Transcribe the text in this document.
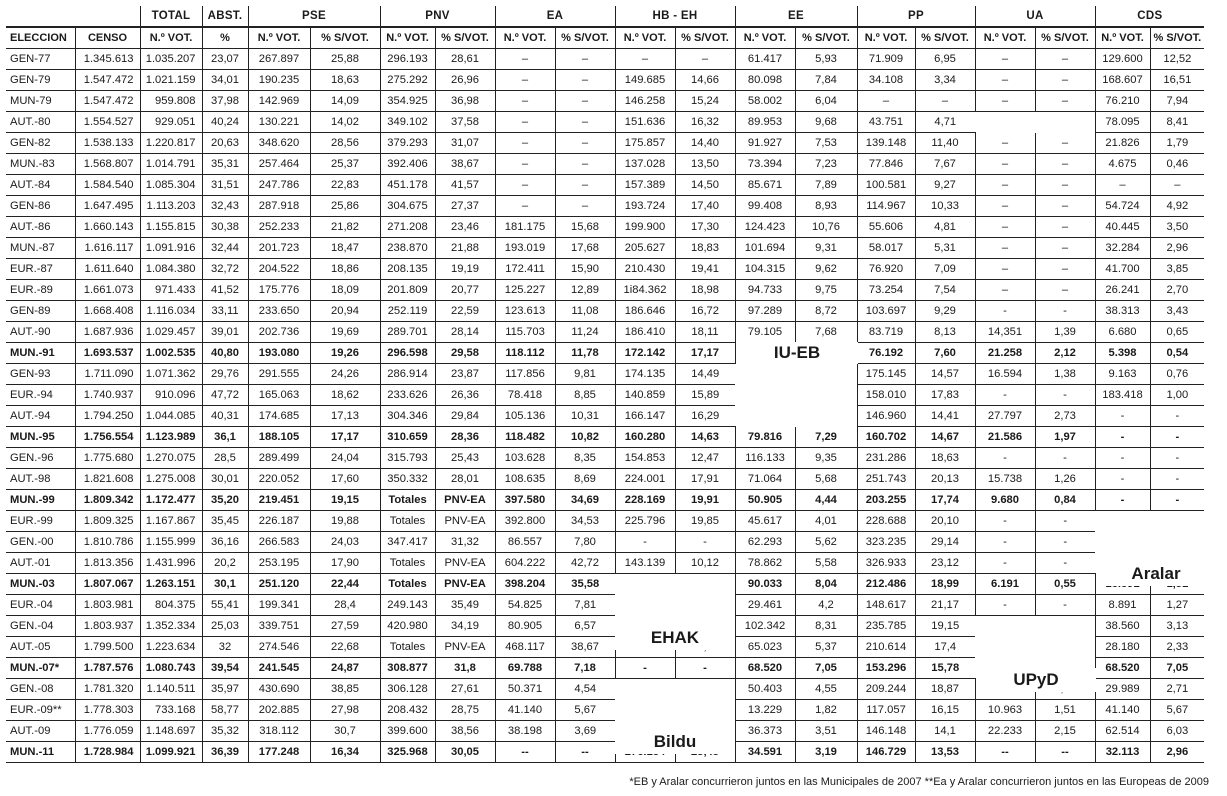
		TOTAL	ABST.	PSE		PNV		EA		HB - EH		EE		PP		UA		CDS	
ELECCION	CENSO	N.º VOT.	%	N.º VOT.	% S/VOT.	N.º VOT.	% S/VOT.	N.º VOT.	% S/VOT.	N.º VOT.	% S/VOT.	N.º VOT.	% S/VOT.	N.º VOT.	% S/VOT.	N.º VOT.	% S/VOT.	N.º VOT.	% S/VOT.
GEN-77	1.345.613	1.035.207	23,07	267.897	25,88	296.193	28,61	–	–	–	–	61.417	5,93	71.909	6,95	–	–	129.600	12,52
GEN-79	1.547.472	1.021.159	34,01	190.235	18,63	275.292	26,96	–	–	149.685	14,66	80.098	7,84	34.108	3,34	–	–	168.607	16,51
MUN-79	1.547.472	959.808	37,98	142.969	14,09	354.925	36,98	–	–	146.258	15,24	58.002	6,04	–	–	–	–	76.210	7,94
AUT.-80	1.554.527	929.051	40,24	130.221	14,02	349.102	37,58	–	–	151.636	16,32	89.953	9,68	43.751	4,71			78.095	8,41
GEN-82	1.538.133	1.220.817	20,63	348.620	28,56	379.293	31,07	–	–	175.857	14,40	91.927	7,53	139.148	11,40	–	–	21.826	1,79
MUN.-83	1.568.807	1.014.791	35,31	257.464	25,37	392.406	38,67	–	–	137.028	13,50	73.394	7,23	77.846	7,67	–	–	4.675	0,46
AUT.-84	1.584.540	1.085.304	31,51	247.786	22,83	451.178	41,57	–	–	157.389	14,50	85.671	7,89	100.581	9,27	–	–	–	–
GEN-86	1.647.495	1.113.203	32,43	287.918	25,86	304.675	27,37	–	–	193.724	17,40	99.408	8,93	114.967	10,33	–	–	54.724	4,92
AUT.-86	1.660.143	1.155.815	30,38	252.233	21,82	271.208	23,46	181.175	15,68	199.900	17,30	124.423	10,76	55.606	4,81	–	–	40.445	3,50
MUN.-87	1.616.117	1.091.916	32,44	201.723	18,47	238.870	21,88	193.019	17,68	205.627	18,83	101.694	9,31	58.017	5,31	–	–	32.284	2,96
EUR.-87	1.611.640	1.084.380	32,72	204.522	18,86	208.135	19,19	172.411	15,90	210.430	19,41	104.315	9,62	76.920	7,09	–	–	41.700	3,85
EUR.-89	1.661.073	971.433	41,52	175.776	18,09	201.809	20,77	125.227	12,89	1i84.362	18,98	94.733	9,75	73.254	7,54	–	–	26.241	2,70
GEN-89	1.668.408	1.116.034	33,11	233.650	20,94	252.119	22,59	123.613	11,08	186.646	16,72	97.289	8,72	103.697	9,29	-	-	38.313	3,43
AUT.-90	1.687.936	1.029.457	39,01	202.736	19,69	289.701	28,14	115.703	11,24	186.410	18,11	79.105	7,68	83.719	8,13	14,351	1,39	6.680	0,65
MUN.-91	1.693.537	1.002.535	40,80	193.080	19,26	296.598	29,58	118.112	11,78	172.142	17,17			76.192	7,60	21.258	2,12	5.398	0,54
GEN-93	1.711.090	1.071.362	29,76	291.555	24,26	286.914	23,87	117.856	9,81	174.135	14,49			175.145	14,57	16.594	1,38	9.163	0,76
EUR.-94	1.740.937	910.096	47,72	165.063	18,62	233.626	26,36	78.418	8,85	140.859	15,89			158.010	17,83	-	-	183.418	1,00
AUT.-94	1.794.250	1.044.085	40,31	174.685	17,13	304.346	29,84	105.136	10,31	166.147	16,29			146.960	14,41	27.797	2,73	-	-
MUN.-95	1.756.554	1.123.989	36,1	188.105	17,17	310.659	28,36	118.482	10,82	160.280	14,63	79.816	7,29	160.702	14,67	21.586	1,97	-	-
GEN.-96	1.775.680	1.270.075	28,5	289.499	24,04	315.793	25,43	103.628	8,35	154.853	12,47	116.133	9,35	231.286	18,63	-	-	-	-
AUT.-98	1.821.608	1.275.008	30,01	220.052	17,60	350.332	28,01	108.635	8,69	224.001	17,91	71.064	5,68	251.743	20,13	15.738	1,26	-	-
MUN.-99	1.809.342	1.172.477	35,20	219.451	19,15	Totales	PNV-EA	397.580	34,69	228.169	19,91	50.905	4,44	203.255	17,74	9.680	0,84	-	-
EUR.-99	1.809.325	1.167.867	35,45	226.187	19,88	Totales	PNV-EA	392.800	34,53	225.796	19,85	45.617	4,01	228.688	20,10	-	-		
GEN.-00	1.810.786	1.155.999	36,16	266.583	24,03	347.417	31,32	86.557	7,80	-	-	62.293	5,62	323.235	29,14	-	-		
AUT.-01	1.813.356	1.431.996	20,2	253.195	17,90	Totales	PNV-EA	604.222	42,72	143.139	10,12	78.862	5,58	326.933	23,12	-	-		
MUN.-03	1.807.067	1.263.151	30,1	251.120	22,44	Totales	PNV-EA	398.204	35,58			90.033	8,04	212.486	18,99	6.191	0,55		
EUR.-04	1.803.981	804.375	55,41	199.341	28,4	249.143	35,49	54.825	7,81			29.461	4,2	148.617	21,17	-	-	8.891	1,27
GEN.-04	1.803.937	1.352.334	25,03	339.751	27,59	420.980	34,19	80.905	6,57			102.342	8,31	235.785	19,15			38.560	3,13
AUT.-05	1.799.500	1.223.634	32	274.546	22,68	Totales	PNV-EA	468.117	38,67			65.023	5,37	210.614	17,4			28.180	2,33
MUN.-07*	1.787.576	1.080.743	39,54	241.545	24,87	308.877	31,8	69.788	7,18	-	-	68.520	7,05	153.296	15,78			68.520	7,05
GEN.-08	1.781.320	1.140.511	35,97	430.690	38,85	306.128	27,61	50.371	4,54			50.403	4,55	209.244	18,87			29.989	2,71
EUR.-09**	1.778.303	733.168	58,77	202.885	27,98	208.432	28,75	41.140	5,67			13.229	1,82	117.057	16,15	10.963	1,51	41.140	5,67
AUT.-09	1.776.059	1.148.697	35,32	318.112	30,7	399.600	38,56	38.198	3,69			36.373	3,51	146.148	14,1	22.233	2,15	62.514	6,03
MUN.-11	1.728.984	1.099.921	36,39	177.248	16,34	325.968	30,05	--	--			34.591	3,19	146.729	13,53	--	--	32.113	2,96
IU-EB
EHAK
Bildu
UPyD
Aralar
*EB y Aralar concurrieron juntos en las Municipales de 2007 **Ea y Aralar concurrieron juntos en las Europeas de 2009
